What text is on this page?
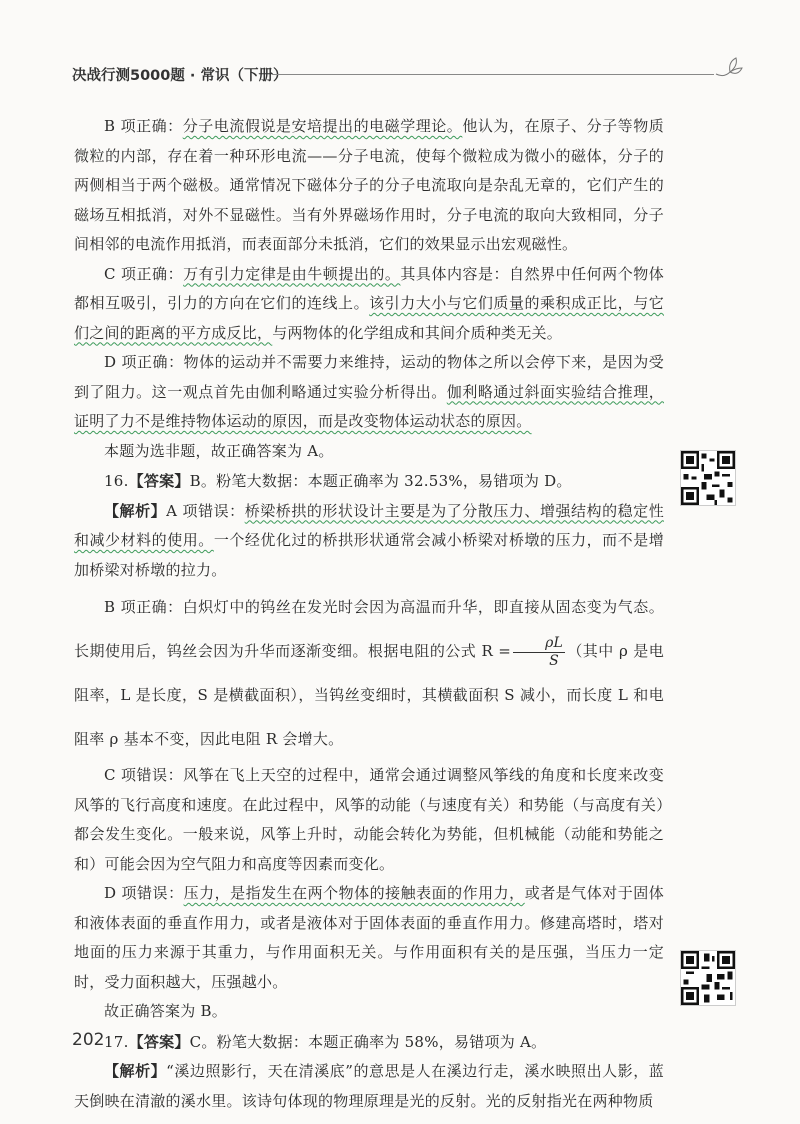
决战行测5000题 · 常识（下册）

B 项正确：分子电流假说是安培提出的电磁学理论。他认为，在原子、分子等物质微粒的内部，存在着一种环形电流——分子电流，使每个微粒成为微小的磁体，分子的两侧相当于两个磁极。通常情况下磁体分子的分子电流取向是杂乱无章的，它们产生的磁场互相抵消，对外不显磁性。当有外界磁场作用时，分子电流的取向大致相同，分子间相邻的电流作用抵消，而表面部分未抵消，它们的效果显示出宏观磁性。

C 项正确：万有引力定律是由牛顿提出的。其具体内容是：自然界中任何两个物体都相互吸引，引力的方向在它们的连线上。该引力大小与它们质量的乘积成正比，与它们之间的距离的平方成反比，与两物体的化学组成和其间介质种类无关。

D 项正确：物体的运动并不需要力来维持，运动的物体之所以会停下来，是因为受到了阻力。这一观点首先由伽利略通过实验分析得出。伽利略通过斜面实验结合推理，证明了力不是维持物体运动的原因，而是改变物体运动状态的原因。

本题为选非题，故正确答案为 A。

16.【答案】B。粉笔大数据：本题正确率为 32.53%，易错项为 D。

【解析】A 项错误：桥梁桥拱的形状设计主要是为了分散压力、增强结构的稳定性和减少材料的使用。一个经优化过的桥拱形状通常会减小桥梁对桥墩的压力，而不是增加桥梁对桥墩的拉力。

B 项正确：白炽灯中的钨丝在发光时会因为高温而升华，即直接从固态变为气态。长期使用后，钨丝会因为升华而逐渐变细。根据电阻的公式 $R = \frac{\rho L}{S}$ （其中 ρ 是电阻率，L 是长度，S 是横截面积），当钨丝变细时，其横截面积 S 减小，而长度 L 和电阻率 ρ 基本不变，因此电阻 R 会增大。

C 项错误：风筝在飞上天空的过程中，通常会通过调整风筝线的角度和长度来改变风筝的飞行高度和速度。在此过程中，风筝的动能（与速度有关）和势能（与高度有关）都会发生变化。一般来说，风筝上升时，动能会转化为势能，但机械能（动能和势能之和）可能会因为空气阻力和高度等因素而变化。

D 项错误：压力，是指发生在两个物体的接触表面的作用力，或者是气体对于固体和液体表面的垂直作用力，或者是液体对于固体表面的垂直作用力。修建高塔时，塔对地面的压力来源于其重力，与作用面积无关。与作用面积有关的是压强，当压力一定时，受力面积越大，压强越小。

故正确答案为 B。

17.【答案】C。粉笔大数据：本题正确率为 58%，易错项为 A。

【解析】“溪边照影行，天在清溪底”的意思是人在溪边行走，溪水映照出人影，蓝天倒映在清澈的溪水里。该诗句体现的物理原理是光的反射。光的反射指光在两种物质

202
